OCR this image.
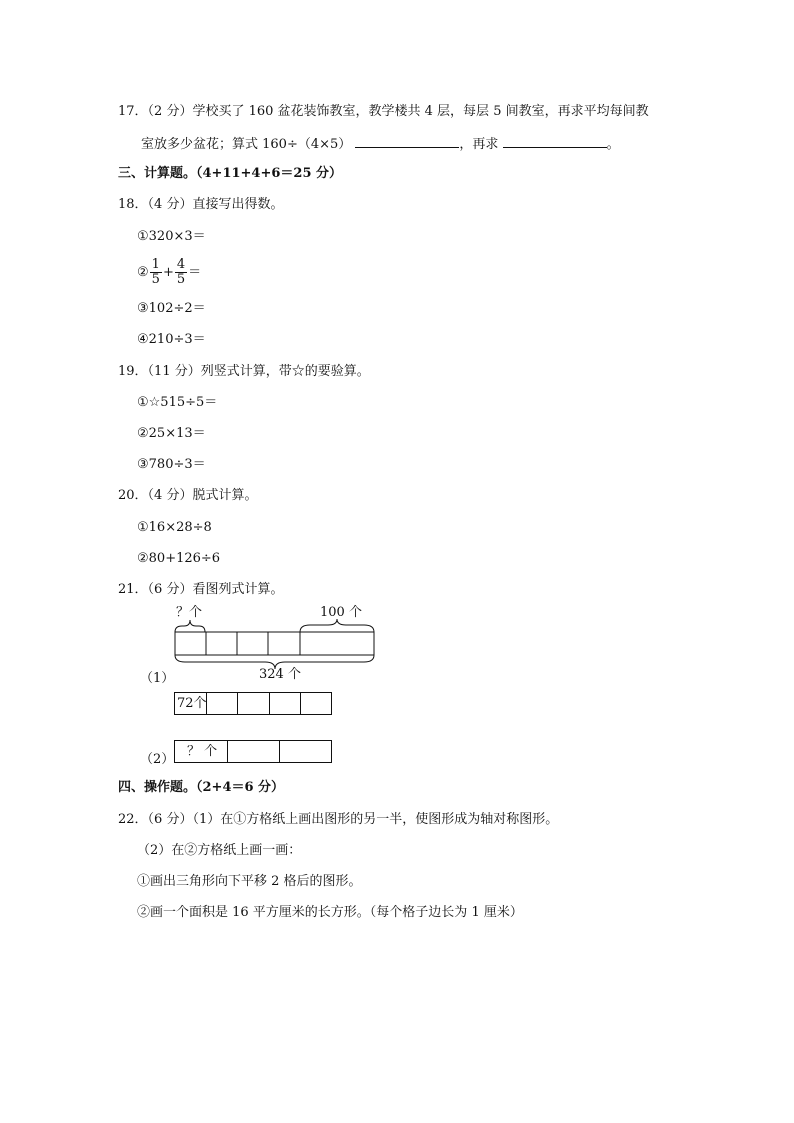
17．（2 分）学校买了 160 盆花装饰教室，教学楼共 4 层，每层 5 间教室，再求平均每间教
室放多少盆花；算式 160÷（4×5）	，再求	。
三、计算题。（4+11+4+6＝25 分）
18．（4 分）直接写出得数。
①320×3＝
② $\frac{1}{5} + \frac{4}{5}$ ＝
③102÷2＝
④210÷3＝
19．（11 分）列竖式计算，带☆的要验算。
①☆515÷5＝
②25×13＝
③780÷3＝
20．（4 分）脱式计算。
①16×28÷8
②80+126÷6
21．（6 分）看图列式计算。
？个	100 个
324 个
（1）
72个
（2）
？ 个
四、操作题。（2+4＝6 分）
22．（6 分）（1）在①方格纸上画出图形的另一半，使图形成为轴对称图形。
（2）在②方格纸上画一画：
①画出三角形向下平移 2 格后的图形。
②画一个面积是 16 平方厘米的长方形。（每个格子边长为 1 厘米）
